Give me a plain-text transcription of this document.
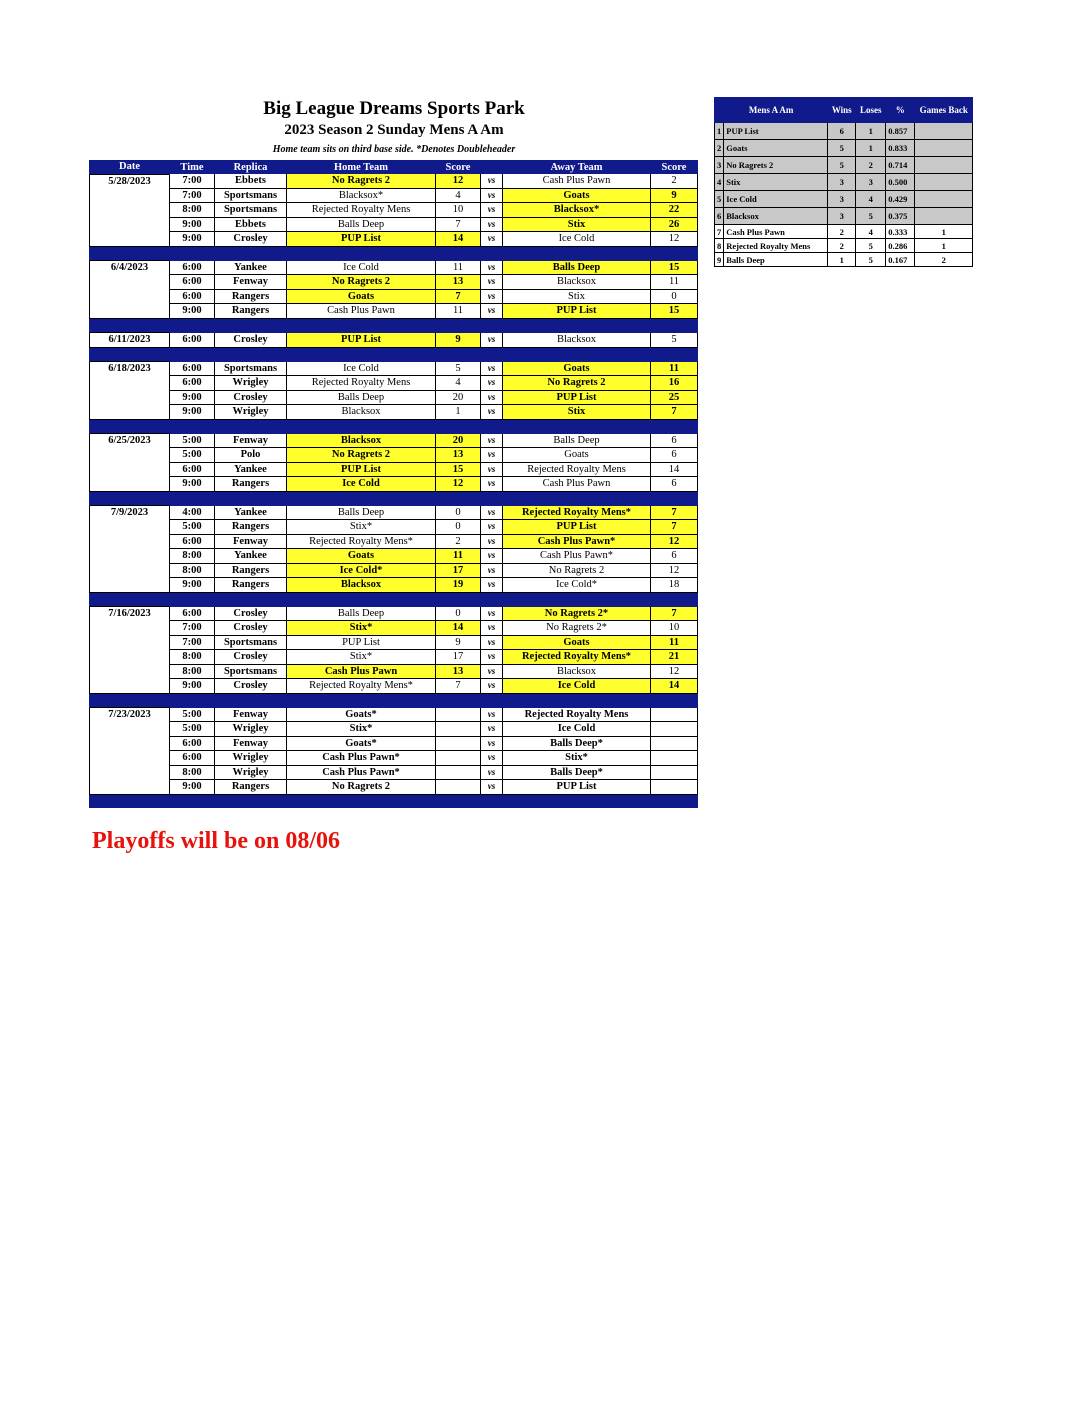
Big League Dreams Sports Park
2023 Season 2 Sunday Mens A Am
Home team sits on third base side. *Denotes Doubleheader
Date	Time	Replica	Home Team	Score		Away Team	Score
5/28/2023	7:00	Ebbets	No Ragrets 2	12	vs	Cash Plus Pawn	2
	7:00	Sportsmans	Blacksox*	4	vs	Goats	9
	8:00	Sportsmans	Rejected Royalty Mens	10	vs	Blacksox*	22
	9:00	Ebbets	Balls Deep	7	vs	Stix	26
	9:00	Crosley	PUP List	14	vs	Ice Cold	12

6/4/2023	6:00	Yankee	Ice Cold	11	vs	Balls Deep	15
	6:00	Fenway	No Ragrets 2	13	vs	Blacksox	11
	6:00	Rangers	Goats	7	vs	Stix	0
	9:00	Rangers	Cash Plus Pawn	11	vs	PUP List	15

6/11/2023	6:00	Crosley	PUP List	9	vs	Blacksox	5

6/18/2023	6:00	Sportsmans	Ice Cold	5	vs	Goats	11
	6:00	Wrigley	Rejected Royalty Mens	4	vs	No Ragrets 2	16
	9:00	Crosley	Balls Deep	20	vs	PUP List	25
	9:00	Wrigley	Blacksox	1	vs	Stix	7

6/25/2023	5:00	Fenway	Blacksox	20	vs	Balls Deep	6
	5:00	Polo	No Ragrets 2	13	vs	Goats	6
	6:00	Yankee	PUP List	15	vs	Rejected Royalty Mens	14
	9:00	Rangers	Ice Cold	12	vs	Cash Plus Pawn	6

7/9/2023	4:00	Yankee	Balls Deep	0	vs	Rejected Royalty Mens*	7
	5:00	Rangers	Stix*	0	vs	PUP List	7
	6:00	Fenway	Rejected Royalty Mens*	2	vs	Cash Plus Pawn*	12
	8:00	Yankee	Goats	11	vs	Cash Plus Pawn*	6
	8:00	Rangers	Ice Cold*	17	vs	No Ragrets 2	12
	9:00	Rangers	Blacksox	19	vs	Ice Cold*	18

7/16/2023	6:00	Crosley	Balls Deep	0	vs	No Ragrets 2*	7
	7:00	Crosley	Stix*	14	vs	No Ragrets 2*	10
	7:00	Sportsmans	PUP List	9	vs	Goats	11
	8:00	Crosley	Stix*	17	vs	Rejected Royalty Mens*	21
	8:00	Sportsmans	Cash Plus Pawn	13	vs	Blacksox	12
	9:00	Crosley	Rejected Royalty Mens*	7	vs	Ice Cold	14

7/23/2023	5:00	Fenway	Goats*		vs	Rejected Royalty Mens	
	5:00	Wrigley	Stix*		vs	Ice Cold	
	6:00	Fenway	Goats*		vs	Balls Deep*	
	6:00	Wrigley	Cash Plus Pawn*		vs	Stix*	
	8:00	Wrigley	Cash Plus Pawn*		vs	Balls Deep*	
	9:00	Rangers	No Ragrets 2		vs	PUP List	

Mens A Am		Wins	Loses	%	Games Back
1	PUP List	6	1	0.857	
2	Goats	5	1	0.833	
3	No Ragrets 2	5	2	0.714	
4	Stix	3	3	0.500	
5	Ice Cold	3	4	0.429	
6	Blacksox	3	5	0.375	
7	Cash Plus Pawn	2	4	0.333	1
8	Rejected Royalty Mens	2	5	0.286	1
9	Balls Deep	1	5	0.167	2
Playoffs will be on 08/06
